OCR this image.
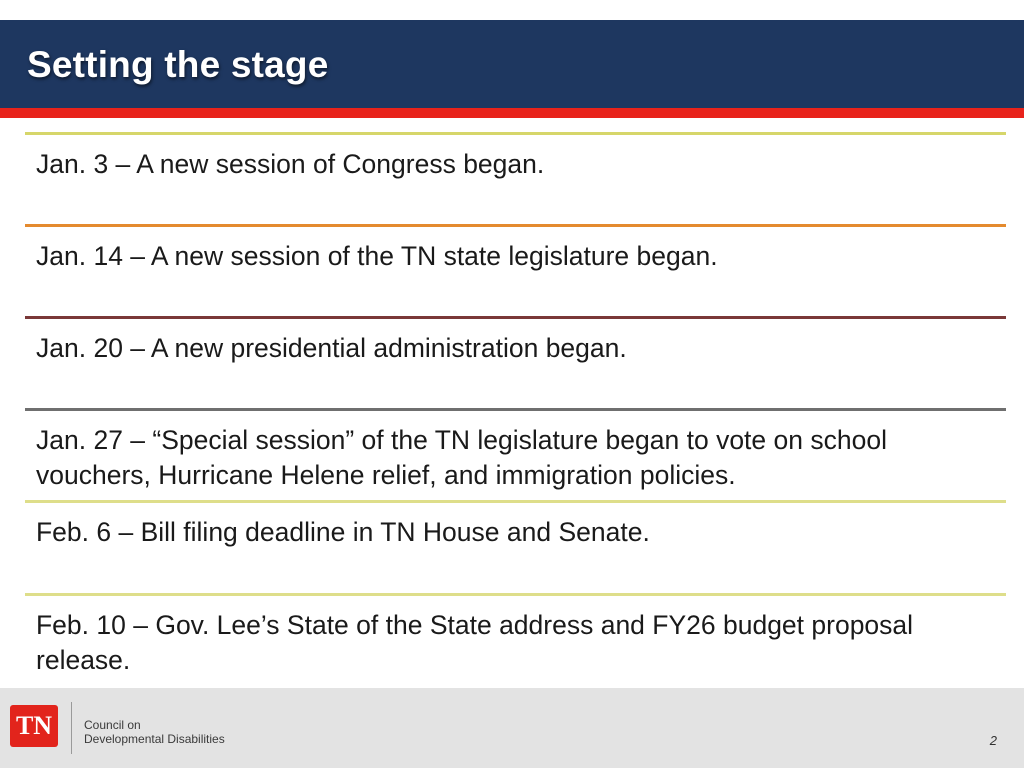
Setting the stage
Jan. 3 – A new session of Congress began.
Jan. 14 – A new session of the TN state legislature began.
Jan. 20 – A new presidential administration began.
Jan. 27 – “Special session” of the TN legislature began to vote on school vouchers, Hurricane Helene relief, and immigration policies.
Feb. 6 – Bill filing deadline in TN House and Senate.
Feb. 10 – Gov. Lee’s State of the State address and FY26 budget proposal release.
TN	Council on
Developmental Disabilities	2
